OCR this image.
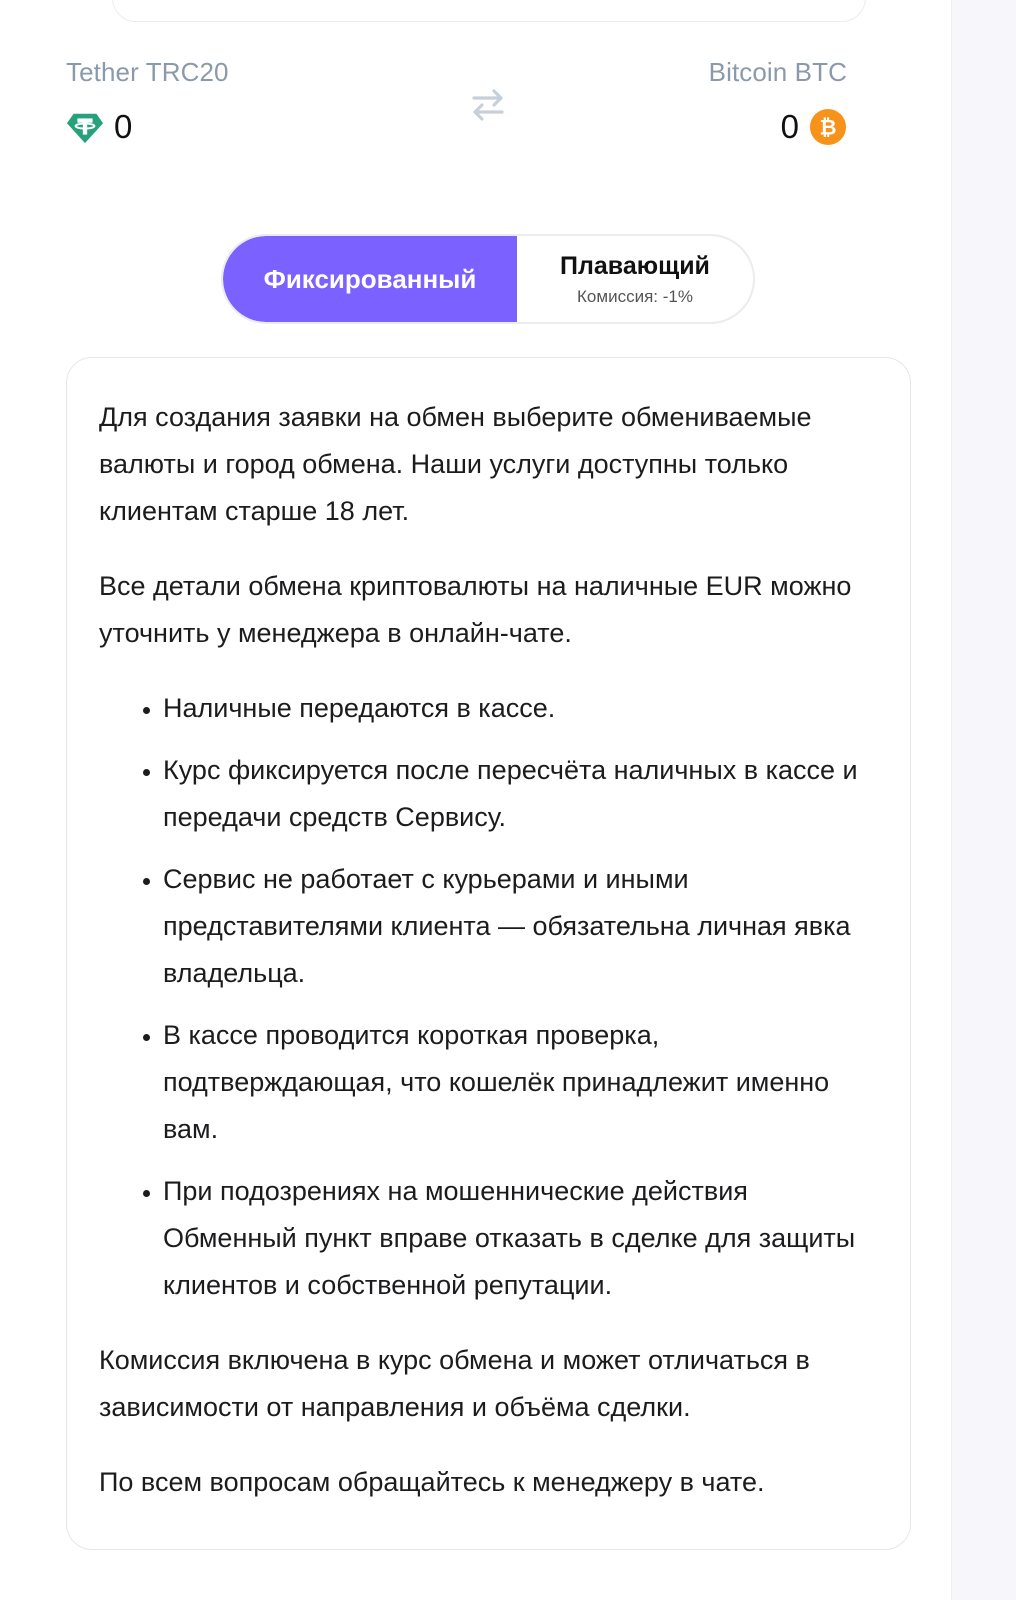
Tether TRC20
0
Bitcoin BTC
0 ₿
Фиксированный	Плавающий
Комиссия: -1%

Для создания заявки на обмен выберите обмениваемые валюты и город обмена. Наши услуги доступны только клиентам старше 18 лет.

Все детали обмена криптовалюты на наличные EUR можно уточнить у менеджера в онлайн-чате.

• Наличные передаются в кассе.
• Курс фиксируется после пересчёта наличных в кассе и передачи средств Сервису.
• Сервис не работает с курьерами и иными представителями клиента — обязательна личная явка владельца.
• В кассе проводится короткая проверка, подтверждающая, что кошелёк принадлежит именно вам.
• При подозрениях на мошеннические действия Обменный пункт вправе отказать в сделке для защиты клиентов и собственной репутации.

Комиссия включена в курс обмена и может отличаться в зависимости от направления и объёма сделки.

По всем вопросам обращайтесь к менеджеру в чате.
